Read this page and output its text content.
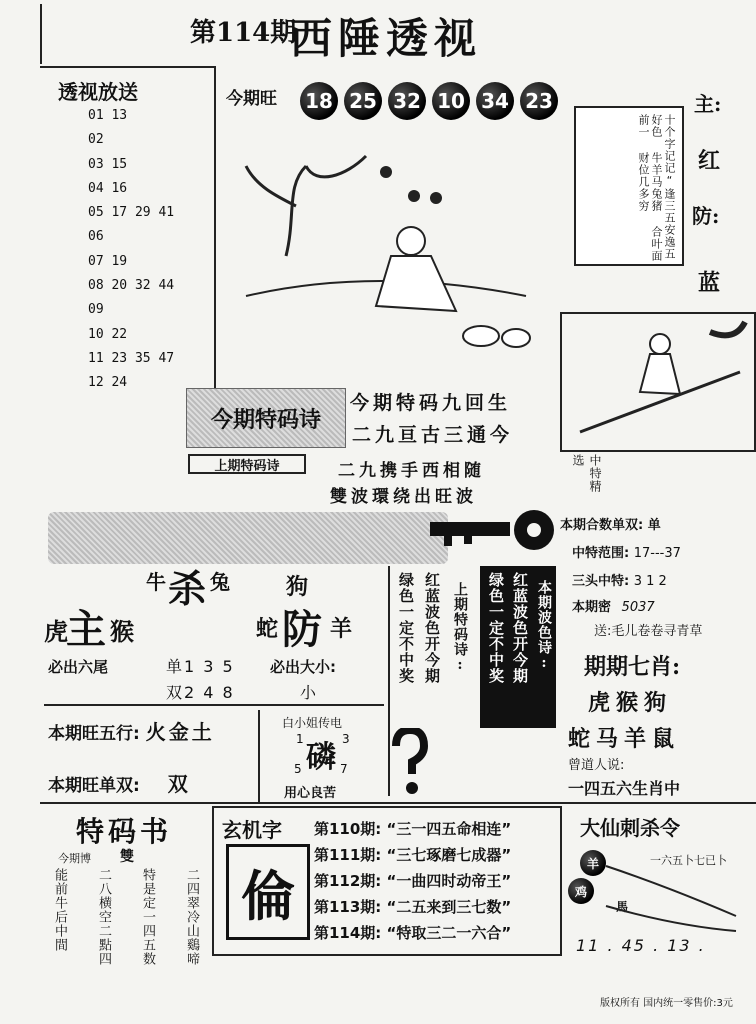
第114期
西陲透视
透视放送
01 13
02
03 15
04 16
05 17 29 41
06
07 19
08 20 32 44
09
10 22
11 23 35 47
12 24
今期旺 18 25 32 10 34 23
十个字记记“逢三五安逸五好色 牛羊马兔猪 合叶面前一 财位几多穷
主:
红
防:
蓝
中特精选
今期特码诗
今期特码九回生
二九亘古三通今
上期特码诗	二九携手西相随
雙波環绕出旺波
本期合数单双: 单
中特范围: 17---37
三头中特: 3 1 2
本期密 5037
送:毛儿卷卷寻青草
牛 杀 兔
虎
主 猴
狗
蛇 防 羊
必出六尾	单1 3 5
双2 4 8
必出大小:
小
绿色一定不中奖 红蓝波色开今期 上期特码诗: 绿色一定不中奖 红蓝波色开今期 本期波色诗:
本期旺五行: 火金土
本期旺单双: 双
白小姐传电
1	3
5	7
磷
用心良苦
期期七肖:
虎猴狗
蛇马羊鼠
曾道人说:
一四五六生肖中
特码书
今期博 雙
能前牛后中間 二八横空二點四 特是定一四五数 二四翠冷山鷄啼
玄机字
倫
第110期: “三一四五命相连”
第111期: “三七琢磨七成器”
第112期: “一曲四时动帝王”
第113期: “二五来到三七数”
第114期: “特取三二一六合”
大仙刺杀令
一六五卜七已卜
羊
鸡
馬
11 . 45 . 13 .
版权所有 国内统一零售价:3元
